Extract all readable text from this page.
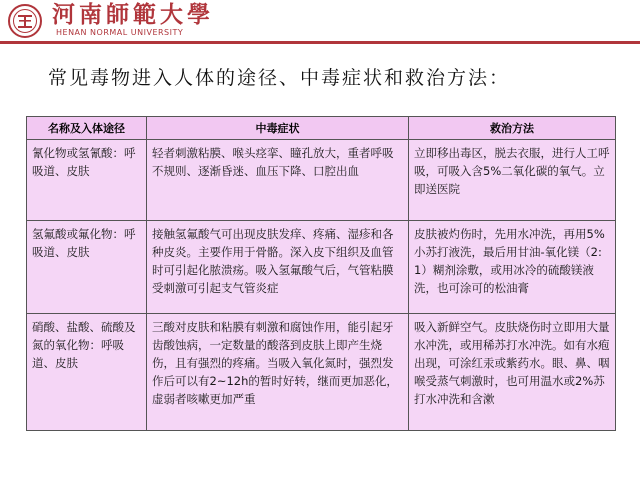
河南師範大學
HENAN NORMAL UNIVERSITY
常见毒物进入人体的途径、中毒症状和救治方法：
名称及入体途径	中毒症状	救治方法
氰化物或氢氰酸：呼吸道、皮肤	轻者刺激粘膜、喉头痉挛、瞳孔放大，重者呼吸不规则、逐渐昏迷、血压下降、口腔出血	立即移出毒区，脱去衣服，进行人工呼吸，可吸入含5%二氧化碳的氧气。立即送医院
氢氟酸或氟化物：呼吸道、皮肤	接触氢氟酸气可出现皮肤发痒、疼痛、湿疹和各种皮炎。主要作用于骨骼。深入皮下组织及血管时可引起化脓溃疡。吸入氢氟酸气后，气管粘膜受刺激可引起支气管炎症	皮肤被灼伤时，先用水冲洗，再用5%小苏打液洗，最后用甘油-氧化镁（2:1）糊剂涂敷，或用冰冷的硫酸镁液洗，也可涂可的松油膏
硝酸、盐酸、硫酸及氮的氧化物：呼吸道、皮肤	三酸对皮肤和粘膜有刺激和腐蚀作用，能引起牙齿酸蚀病，一定数量的酸落到皮肤上即产生烧伤，且有强烈的疼痛。当吸入氧化氮时，强烈发作后可以有2~12h的暂时好转，继而更加恶化，虚弱者咳嗽更加严重	吸入新鲜空气。皮肤烧伤时立即用大量水冲洗，或用稀苏打水冲洗。如有水疱出现，可涂红汞或紫药水。眼、鼻、咽喉受蒸气刺激时，也可用温水或2%苏打水冲洗和含漱
